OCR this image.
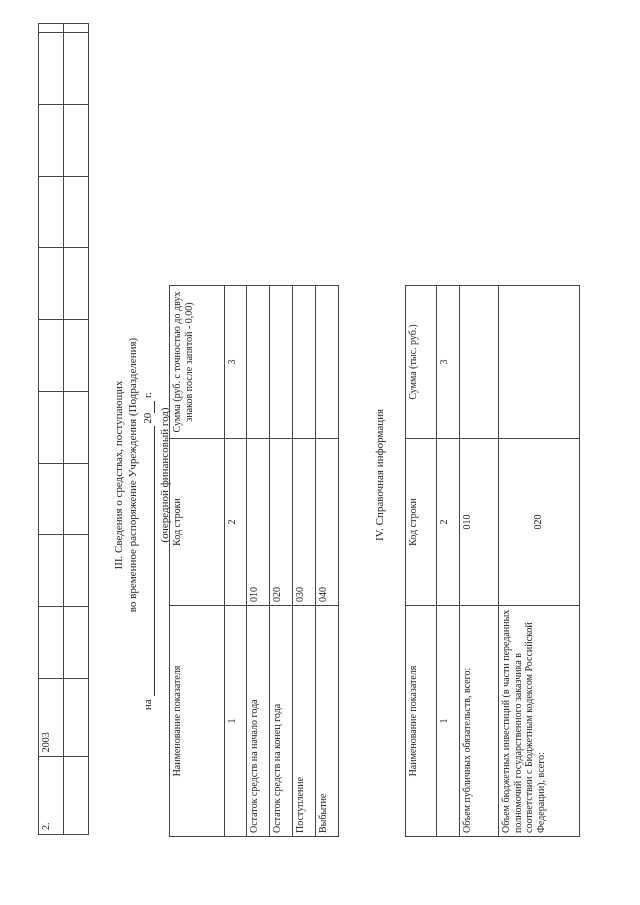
2.	2003										

III. Сведения о средствах, поступающих во временное распоряжение Учреждения (Подразделения)
на   20  г.
(очередной финансовый год)
Наименование показателя	Код строки	Сумма (руб. с точностью до двух знаков после запятой - 0,00)
1	2	3
Остаток средств на начало года	010	
Остаток средств на конец года	020	
Поступление	030	
Выбытие	040	
IV. Справочная информация
Наименование показателя	Код строки	Сумма (тыс. руб.)
1	2	3
Объем публичных обязательств, всего:	010	
Объем бюджетных инвестиций (в части переданных полномочий государственного заказчика в соответствии с Бюджетным кодексом Российской Федерации), всего:	020	
